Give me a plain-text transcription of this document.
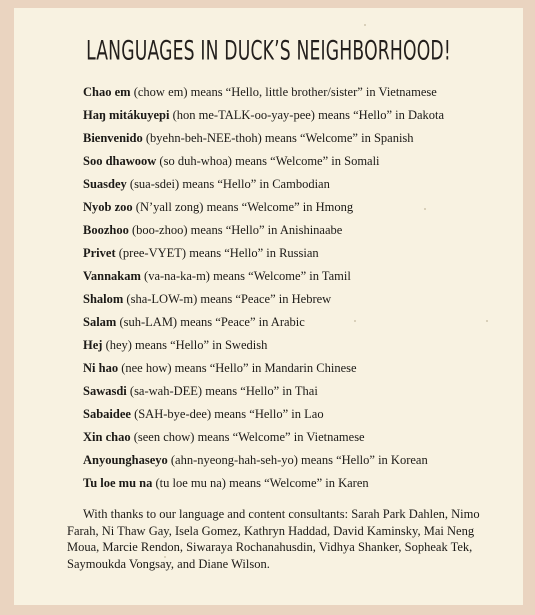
LANGUAGES IN DUCK’S NEIGHBORHOOD!
Chao em (chow em) means “Hello, little brother/sister” in Vietnamese
Haŋ mitákuyepi (hon me-TALK-oo-yay-pee) means “Hello” in Dakota
Bienvenido (byehn-beh-NEE-thoh) means “Welcome” in Spanish
Soo dhawoow (so duh-whoa) means “Welcome” in Somali
Suasdey (sua-sdei) means “Hello” in Cambodian
Nyob zoo (N’yall zong) means “Welcome” in Hmong
Boozhoo (boo-zhoo) means “Hello” in Anishinaabe
Privet (pree-VYET) means “Hello” in Russian
Vannakam (va-na-ka-m) means “Welcome” in Tamil
Shalom (sha-LOW-m) means “Peace” in Hebrew
Salam (suh-LAM) means “Peace” in Arabic
Hej (hey) means “Hello” in Swedish
Ni hao (nee how) means “Hello” in Mandarin Chinese
Sawasdi (sa-wah-DEE) means “Hello” in Thai
Sabaidee (SAH-bye-dee) means “Hello” in Lao
Xin chao (seen chow) means “Welcome” in Vietnamese
Anyounghaseyo (ahn-nyeong-hah-seh-yo) means “Hello” in Korean
Tu loe mu na (tu loe mu na) means “Welcome” in Karen

With thanks to our language and content consultants: Sarah Park Dahlen, Nimo Farah, Ni Thaw Gay, Isela Gomez, Kathryn Haddad, David Kaminsky, Mai Neng Moua, Marcie Rendon, Siwaraya Rochanahusdin, Vidhya Shanker, Sopheak Tek, Saymoukda Vongsay, and Diane Wilson.
